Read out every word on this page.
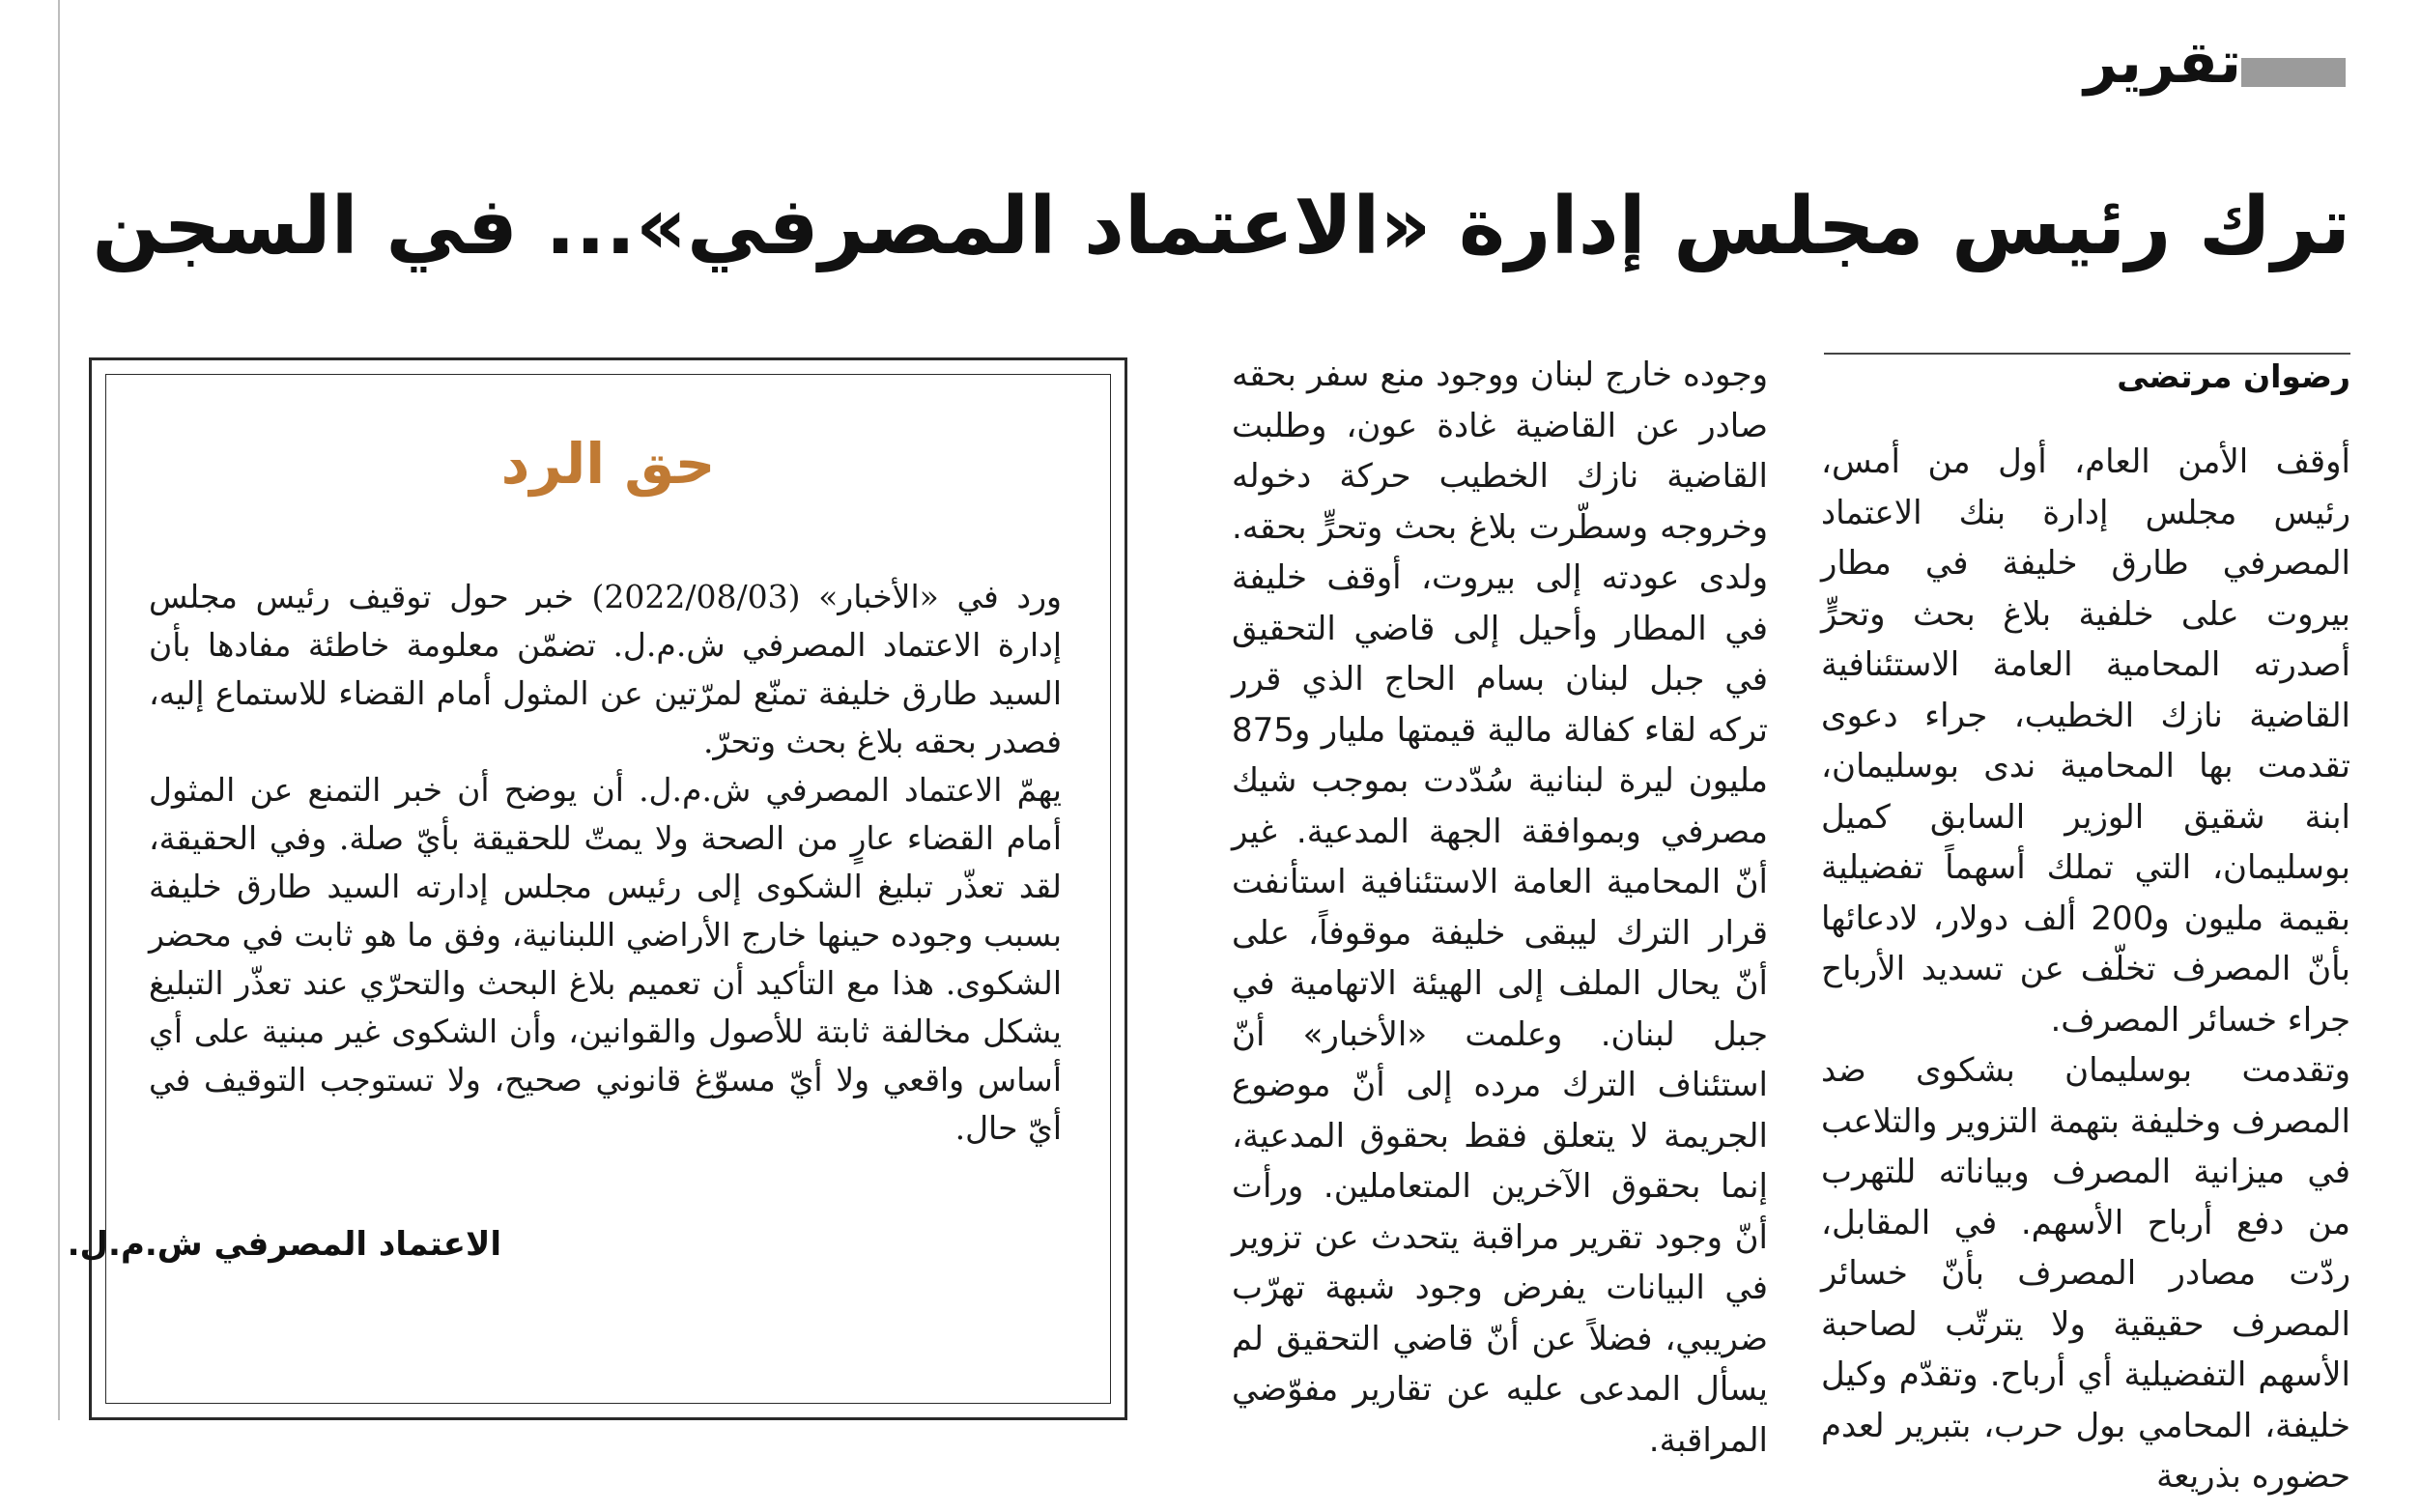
تقرير
ترك رئيس مجلس إدارة «الاعتماد المصرفي»... في السجن
رضوان مرتضى

أوقف الأمن العام، أول من أمس، رئيس مجلس إدارة بنك الاعتماد المصرفي طارق خليفة في مطار بيروت على خلفية بلاغ بحث وتحرٍّ أصدرته المحامية العامة الاستئنافية القاضية نازك الخطيب، جراء دعوى تقدمت بها المحامية ندى بوسليمان، ابنة شقيق الوزير السابق كميل بوسليمان، التي تملك أسهماً تفضيلية بقيمة مليون و200 ألف دولار، لادعائها بأنّ المصرف تخلّف عن تسديد الأرباح جراء خسائر المصرف.

وتقدمت بوسليمان بشكوى ضد المصرف وخليفة بتهمة التزوير والتلاعب في ميزانية المصرف وبياناته للتهرب من دفع أرباح الأسهم. في المقابل، ردّت مصادر المصرف بأنّ خسائر المصرف حقيقية ولا يترتّب لصاحبة الأسهم التفضيلية أي أرباح. وتقدّم وكيل خليفة، المحامي بول حرب، بتبرير لعدم حضوره بذريعة

وجوده خارج لبنان ووجود منع سفر بحقه صادر عن القاضية غادة عون، وطلبت القاضية نازك الخطيب حركة دخوله وخروجه وسطّرت بلاغ بحث وتحرٍّ بحقه. ولدى عودته إلى بيروت، أوقف خليفة في المطار وأحيل إلى قاضي التحقيق في جبل لبنان بسام الحاج الذي قرر تركه لقاء كفالة مالية قيمتها مليار و875 مليون ليرة لبنانية سُدّدت بموجب شيك مصرفي وبموافقة الجهة المدعية. غير أنّ المحامية العامة الاستئنافية استأنفت قرار الترك ليبقى خليفة موقوفاً، على أنّ يحال الملف إلى الهيئة الاتهامية في جبل لبنان. وعلمت «الأخبار» أنّ استئناف الترك مرده إلى أنّ موضوع الجريمة لا يتعلق فقط بحقوق المدعية، إنما بحقوق الآخرين المتعاملين. ورأت أنّ وجود تقرير مراقبة يتحدث عن تزوير في البيانات يفرض وجود شبهة تهرّب ضريبي، فضلاً عن أنّ قاضي التحقيق لم يسأل المدعى عليه عن تقارير مفوّضي المراقبة.

حق الرد

ورد في «الأخبار» (2022/08/03) خبر حول توقيف رئيس مجلس إدارة الاعتماد المصرفي ش.م.ل. تضمّن معلومة خاطئة مفادها بأن السيد طارق خليفة تمنّع لمرّتين عن المثول أمام القضاء للاستماع إليه، فصدر بحقه بلاغ بحث وتحرّ.

يهمّ الاعتماد المصرفي ش.م.ل. أن يوضح أن خبر التمنع عن المثول أمام القضاء عارٍ من الصحة ولا يمتّ للحقيقة بأيّ صلة. وفي الحقيقة، لقد تعذّر تبليغ الشكوى إلى رئيس مجلس إدارته السيد طارق خليفة بسبب وجوده حينها خارج الأراضي اللبنانية، وفق ما هو ثابت في محضر الشكوى. هذا مع التأكيد أن تعميم بلاغ البحث والتحرّي عند تعذّر التبليغ يشكل مخالفة ثابتة للأصول والقوانين، وأن الشكوى غير مبنية على أي أساس واقعي ولا أيّ مسوّغ قانوني صحيح، ولا تستوجب التوقيف في أيّ حال.

الاعتماد المصرفي ش.م.ل.
